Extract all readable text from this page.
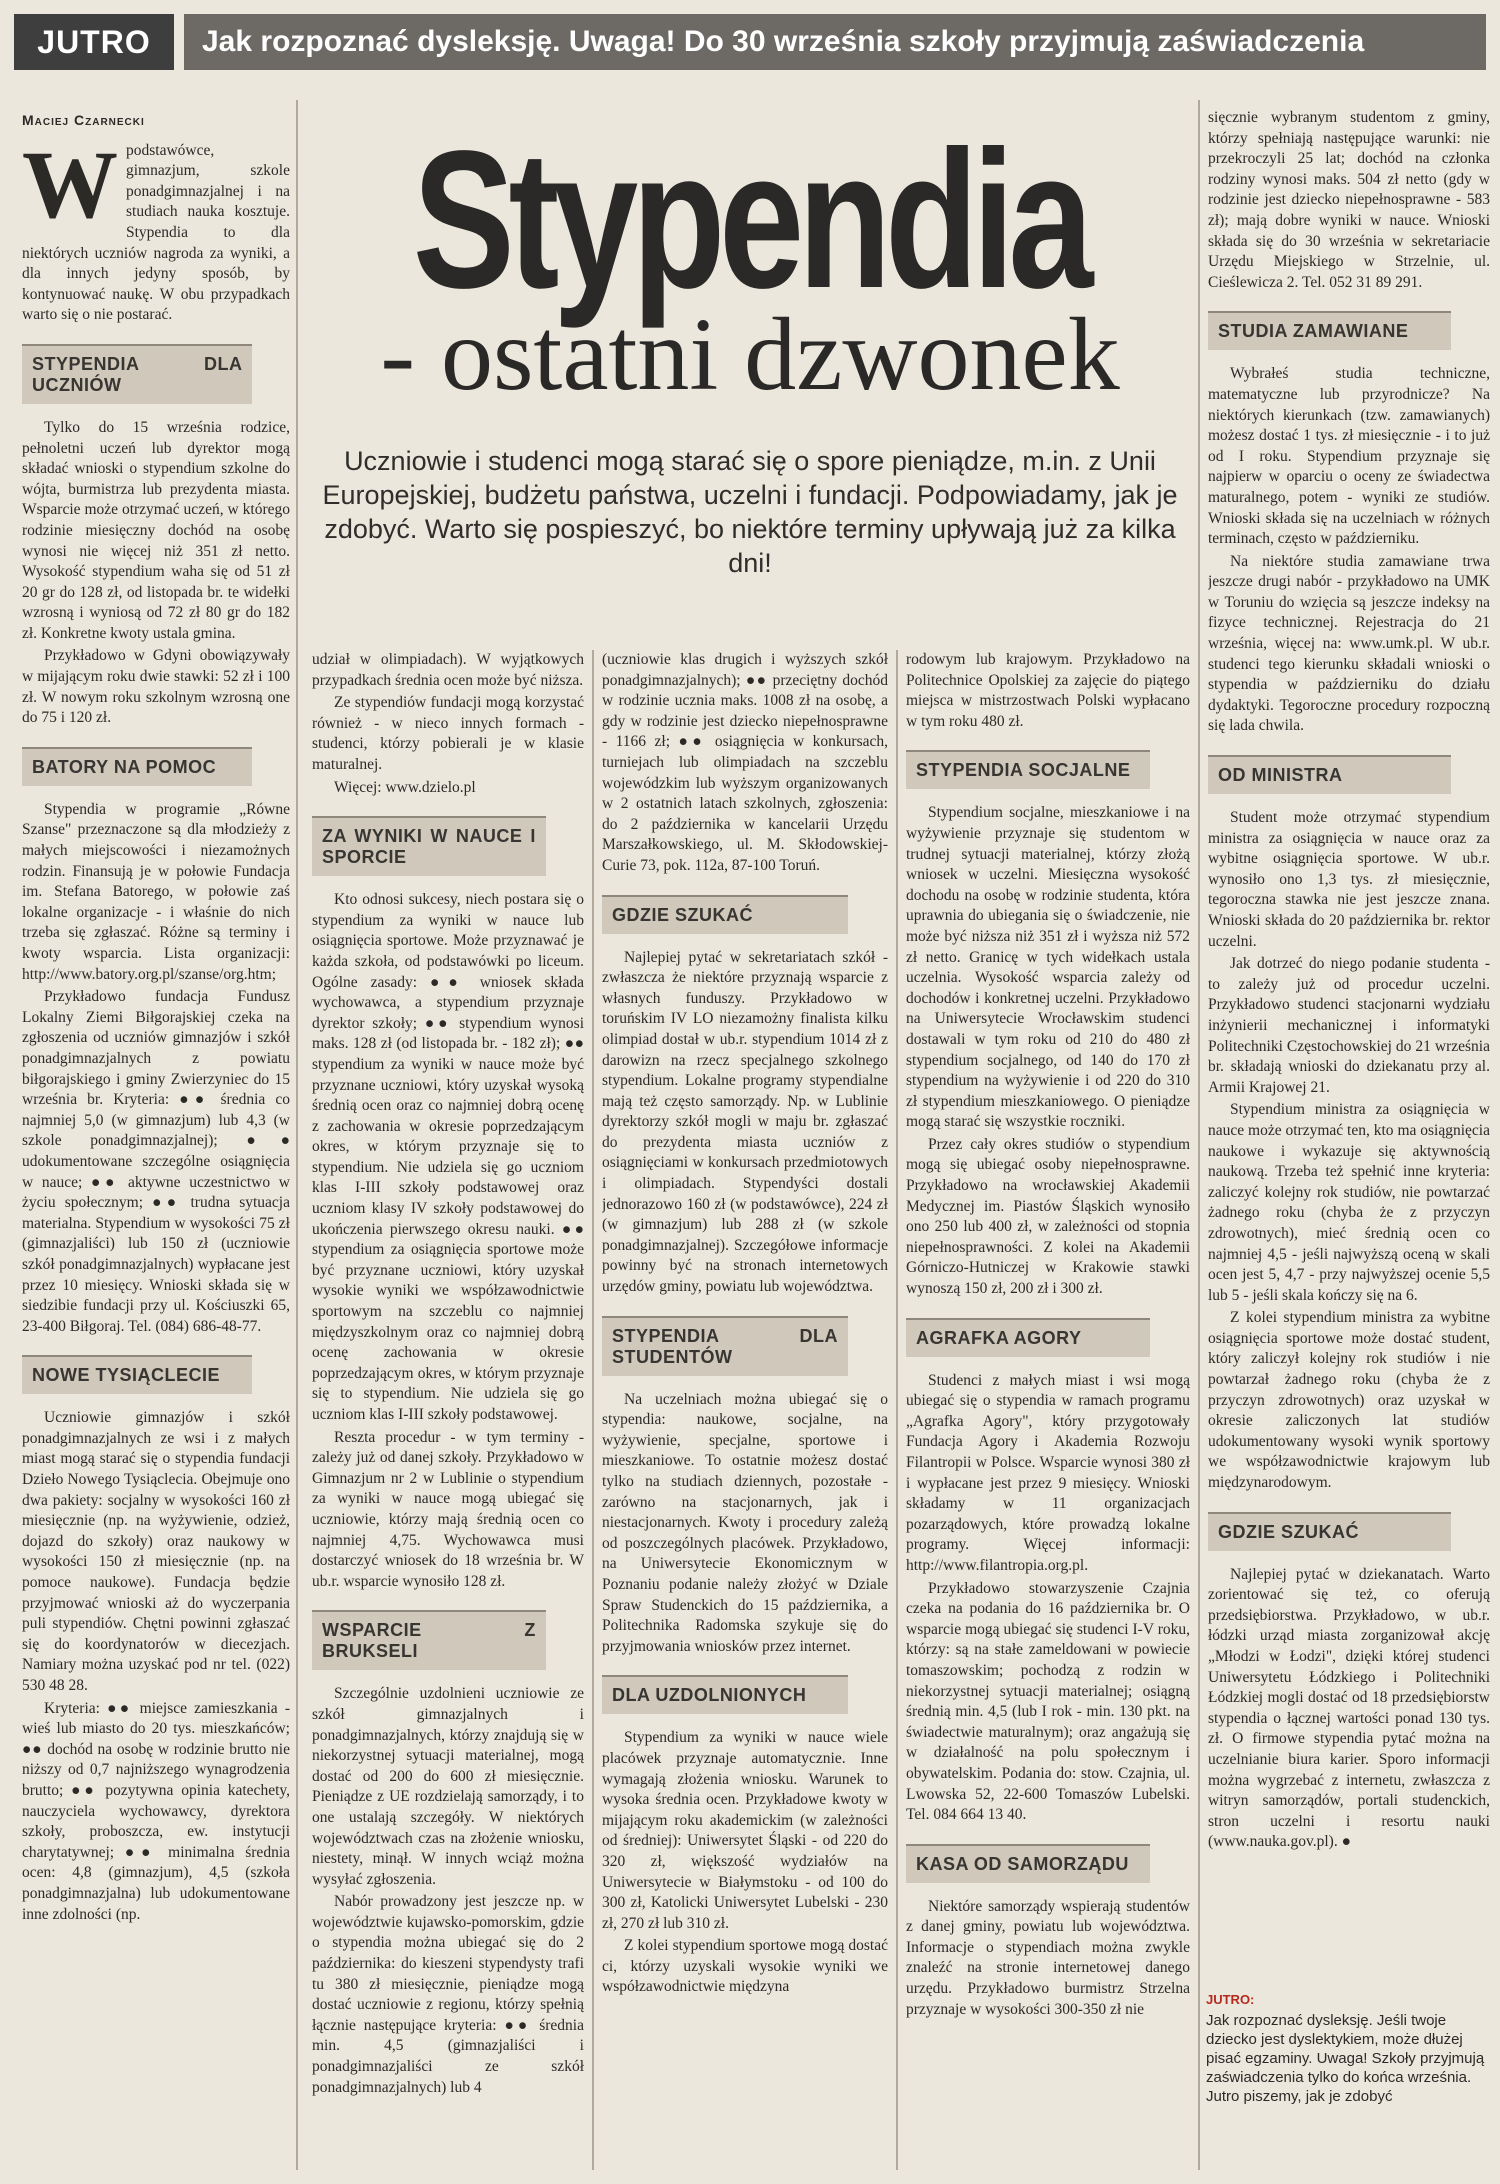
JUTRO	Jak rozpoznać dysleksję. Uwaga! Do 30 września szkoły przyjmują zaświadczenia
Maciej Czarnecki

Wpodstawówce, gimnazjum, szkole ponadgimnazjalnej i na studiach nauka kosztuje. Stypendia to dla niektórych uczniów nagroda za wyniki, a dla innych jedyny sposób, by kontynuować naukę. W obu przypadkach warto się o nie postarać.

STYPENDIA DLA UCZNIÓW

Tylko do 15 września rodzice, pełnoletni uczeń lub dyrektor mogą składać wnioski o stypendium szkolne do wójta, burmistrza lub prezydenta miasta. Wsparcie może otrzymać uczeń, w którego rodzinie miesięczny dochód na osobę wynosi nie więcej niż 351 zł netto. Wysokość stypendium waha się od 51 zł 20 gr do 128 zł, od listopada br. te widełki wzrosną i wyniosą od 72 zł 80 gr do 182 zł. Konkretne kwoty ustala gmina.

Przykładowo w Gdyni obowiązywały w mijającym roku dwie stawki: 52 zł i 100 zł. W nowym roku szkolnym wzrosną one do 75 i 120 zł.

BATORY NA POMOC

Stypendia w programie „Równe Szanse" przeznaczone są dla młodzieży z małych miejscowości i niezamożnych rodzin. Finansują je w połowie Fundacja im. Stefana Batorego, w połowie zaś lokalne organizacje - i właśnie do nich trzeba się zgłaszać. Różne są terminy i kwoty wsparcia. Lista organizacji: http://www.batory.org.pl/szanse/org.htm;

Przykładowo fundacja Fundusz Lokalny Ziemi Biłgorajskiej czeka na zgłoszenia od uczniów gimnazjów i szkół ponadgimnazjalnych z powiatu biłgorajskiego i gminy Zwierzyniec do 15 września br. Kryteria: ●● średnia co najmniej 5,0 (w gimnazjum) lub 4,3 (w szkole ponadgimnazjalnej); ●● udokumentowane szczególne osiągnięcia w nauce; ●● aktywne uczestnictwo w życiu społecznym; ●● trudna sytuacja materialna. Stypendium w wysokości 75 zł (gimnazjaliści) lub 150 zł (uczniowie szkół ponadgimnazjalnych) wypłacane jest przez 10 miesięcy. Wnioski składa się w siedzibie fundacji przy ul. Kościuszki 65, 23-400 Biłgoraj. Tel. (084) 686-48-77.

NOWE TYSIĄCLECIE

Uczniowie gimnazjów i szkół ponadgimnazjalnych ze wsi i z małych miast mogą starać się o stypendia fundacji Dzieło Nowego Tysiąclecia. Obejmuje ono dwa pakiety: socjalny w wysokości 160 zł miesięcznie (np. na wyżywienie, odzież, dojazd do szkoły) oraz naukowy w wysokości 150 zł miesięcznie (np. na pomoce naukowe). Fundacja będzie przyjmować wnioski aż do wyczerpania puli stypendiów. Chętni powinni zgłaszać się do koordynatorów w diecezjach. Namiary można uzyskać pod nr tel. (022) 530 48 28.

Kryteria: ●● miejsce zamieszkania - wieś lub miasto do 20 tys. mieszkańców; ●● dochód na osobę w rodzinie brutto nie niższy od 0,7 najniższego wynagrodzenia brutto; ●● pozytywna opinia katechety, nauczyciela wychowawcy, dyrektora szkoły, proboszcza, ew. instytucji charytatywnej; ●● minimalna średnia ocen: 4,8 (gimnazjum), 4,5 (szkoła ponadgimnazjalna) lub udokumentowane inne zdolności (np.

Stypendia
- ostatni dzwonek
Uczniowie i studenci mogą starać się o spore pieniądze, m.in. z Unii Europejskiej, budżetu państwa, uczelni i fundacji. Podpowiadamy, jak je zdobyć. Warto się pospieszyć, bo niektóre terminy upływają już za kilka dni!

udział w olimpiadach). W wyjątkowych przypadkach średnia ocen może być niższa.

Ze stypendiów fundacji mogą korzystać również - w nieco innych formach - studenci, którzy pobierali je w klasie maturalnej.

Więcej: www.dzielo.pl

ZA WYNIKI W NAUCE I SPORCIE

Kto odnosi sukcesy, niech postara się o stypendium za wyniki w nauce lub osiągnięcia sportowe. Może przyznawać je każda szkoła, od podstawówki po liceum. Ogólne zasady: ●● wniosek składa wychowawca, a stypendium przyznaje dyrektor szkoły; ●● stypendium wynosi maks. 128 zł (od listopada br. - 182 zł); ●● stypendium za wyniki w nauce może być przyznane uczniowi, który uzyskał wysoką średnią ocen oraz co najmniej dobrą ocenę z zachowania w okresie poprzedzającym okres, w którym przyznaje się to stypendium. Nie udziela się go uczniom klas I-III szkoły podstawowej oraz uczniom klasy IV szkoły podstawowej do ukończenia pierwszego okresu nauki. ●● stypendium za osiągnięcia sportowe może być przyznane uczniowi, który uzyskał wysokie wyniki we współzawodnictwie sportowym na szczeblu co najmniej międzyszkolnym oraz co najmniej dobrą ocenę zachowania w okresie poprzedzającym okres, w którym przyznaje się to stypendium. Nie udziela się go uczniom klas I-III szkoły podstawowej.

Reszta procedur - w tym terminy - zależy już od danej szkoły. Przykładowo w Gimnazjum nr 2 w Lublinie o stypendium za wyniki w nauce mogą ubiegać się uczniowie, którzy mają średnią ocen co najmniej 4,75. Wychowawca musi dostarczyć wniosek do 18 września br. W ub.r. wsparcie wynosiło 128 zł.

WSPARCIE Z BRUKSELI

Szczególnie uzdolnieni uczniowie ze szkół gimnazjalnych i ponadgimnazjalnych, którzy znajdują się w niekorzystnej sytuacji materialnej, mogą dostać od 200 do 600 zł miesięcznie. Pieniądze z UE rozdzielają samorządy, i to one ustalają szczegóły. W niektórych województwach czas na złożenie wniosku, niestety, minął. W innych wciąż można wysyłać zgłoszenia.

Nabór prowadzony jest jeszcze np. w województwie kujawsko-pomorskim, gdzie o stypendia można ubiegać się do 2 października: do kieszeni stypendysty trafi tu 380 zł miesięcznie, pieniądze mogą dostać uczniowie z regionu, którzy spełnią łącznie następujące kryteria: ●● średnia min. 4,5 (gimnazjaliści i ponadgimnazjaliści ze szkół ponadgimnazjalnych) lub 4

(uczniowie klas drugich i wyższych szkół ponadgimnazjalnych); ●● przeciętny dochód w rodzinie ucznia maks. 1008 zł na osobę, a gdy w rodzinie jest dziecko niepełnosprawne - 1166 zł; ●● osiągnięcia w konkursach, turniejach lub olimpiadach na szczeblu wojewódzkim lub wyższym organizowanych w 2 ostatnich latach szkolnych, zgłoszenia: do 2 października w kancelarii Urzędu Marszałkowskiego, ul. M. Skłodowskiej-Curie 73, pok. 112a, 87-100 Toruń.

GDZIE SZUKAĆ

Najlepiej pytać w sekretariatach szkół - zwłaszcza że niektóre przyznają wsparcie z własnych funduszy. Przykładowo w toruńskim IV LO niezamożny finalista kilku olimpiad dostał w ub.r. stypendium 1014 zł z darowizn na rzecz specjalnego szkolnego stypendium. Lokalne programy stypendialne mają też często samorządy. Np. w Lublinie dyrektorzy szkół mogli w maju br. zgłaszać do prezydenta miasta uczniów z osiągnięciami w konkursach przedmiotowych i olimpiadach. Stypendyści dostali jednorazowo 160 zł (w podstawówce), 224 zł (w gimnazjum) lub 288 zł (w szkole ponadgimnazjalnej). Szczegółowe informacje powinny być na stronach internetowych urzędów gminy, powiatu lub województwa.

STYPENDIA DLA STUDENTÓW

Na uczelniach można ubiegać się o stypendia: naukowe, socjalne, na wyżywienie, specjalne, sportowe i mieszkaniowe. To ostatnie możesz dostać tylko na studiach dziennych, pozostałe - zarówno na stacjonarnych, jak i niestacjonarnych. Kwoty i procedury zależą od poszczególnych placówek. Przykładowo, na Uniwersytecie Ekonomicznym w Poznaniu podanie należy złożyć w Dziale Spraw Studenckich do 15 października, a Politechnika Radomska szykuje się do przyjmowania wniosków przez internet.

DLA UZDOLNIONYCH

Stypendium za wyniki w nauce wiele placówek przyznaje automatycznie. Inne wymagają złożenia wniosku. Warunek to wysoka średnia ocen. Przykładowe kwoty w mijającym roku akademickim (w zależności od średniej): Uniwersytet Śląski - od 220 do 320 zł, większość wydziałów na Uniwersytecie w Białymstoku - od 100 do 300 zł, Katolicki Uniwersytet Lubelski - 230 zł, 270 zł lub 310 zł.

Z kolei stypendium sportowe mogą dostać ci, którzy uzyskali wysokie wyniki we współzawodnictwie międzyna

rodowym lub krajowym. Przykładowo na Politechnice Opolskiej za zajęcie do piątego miejsca w mistrzostwach Polski wypłacano w tym roku 480 zł.

STYPENDIA SOCJALNE

Stypendium socjalne, mieszkaniowe i na wyżywienie przyznaje się studentom w trudnej sytuacji materialnej, którzy złożą wniosek w uczelni. Miesięczna wysokość dochodu na osobę w rodzinie studenta, która uprawnia do ubiegania się o świadczenie, nie może być niższa niż 351 zł i wyższa niż 572 zł netto. Granicę w tych widełkach ustala uczelnia. Wysokość wsparcia zależy od dochodów i konkretnej uczelni. Przykładowo na Uniwersytecie Wrocławskim studenci dostawali w tym roku od 210 do 480 zł stypendium socjalnego, od 140 do 170 zł stypendium na wyżywienie i od 220 do 310 zł stypendium mieszkaniowego. O pieniądze mogą starać się wszystkie roczniki.

Przez cały okres studiów o stypendium mogą się ubiegać osoby niepełnosprawne. Przykładowo na wrocławskiej Akademii Medycznej im. Piastów Śląskich wynosiło ono 250 lub 400 zł, w zależności od stopnia niepełnosprawności. Z kolei na Akademii Górniczo-Hutniczej w Krakowie stawki wynoszą 150 zł, 200 zł i 300 zł.

AGRAFKA AGORY

Studenci z małych miast i wsi mogą ubiegać się o stypendia w ramach programu „Agrafka Agory", który przygotowały Fundacja Agory i Akademia Rozwoju Filantropii w Polsce. Wsparcie wynosi 380 zł i wypłacane jest przez 9 miesięcy. Wnioski składamy w 11 organizacjach pozarządowych, które prowadzą lokalne programy. Więcej informacji: http://www.filantropia.org.pl.

Przykładowo stowarzyszenie Czajnia czeka na podania do 16 października br. O wsparcie mogą ubiegać się studenci I-V roku, którzy: są na stałe zameldowani w powiecie tomaszowskim; pochodzą z rodzin w niekorzystnej sytuacji materialnej; osiągną średnią min. 4,5 (lub I rok - min. 130 pkt. na świadectwie maturalnym); oraz angażują się w działalność na polu społecznym i obywatelskim. Podania do: stow. Czajnia, ul. Lwowska 52, 22-600 Tomaszów Lubelski. Tel. 084 664 13 40.

KASA OD SAMORZĄDU

Niektóre samorządy wspierają studentów z danej gminy, powiatu lub województwa. Informacje o stypendiach można zwykle znaleźć na stronie internetowej danego urzędu. Przykładowo burmistrz Strzelna przyznaje w wysokości 300-350 zł nie

sięcznie wybranym studentom z gminy, którzy spełniają następujące warunki: nie przekroczyli 25 lat; dochód na członka rodziny wynosi maks. 504 zł netto (gdy w rodzinie jest dziecko niepełnosprawne - 583 zł); mają dobre wyniki w nauce. Wnioski składa się do 30 września w sekretariacie Urzędu Miejskiego w Strzelnie, ul. Cieślewicza 2. Tel. 052 31 89 291.

STUDIA ZAMAWIANE

Wybrałeś studia techniczne, matematyczne lub przyrodnicze? Na niektórych kierunkach (tzw. zamawianych) możesz dostać 1 tys. zł miesięcznie - i to już od I roku. Stypendium przyznaje się najpierw w oparciu o oceny ze świadectwa maturalnego, potem - wyniki ze studiów. Wnioski składa się na uczelniach w różnych terminach, często w październiku.

Na niektóre studia zamawiane trwa jeszcze drugi nabór - przykładowo na UMK w Toruniu do wzięcia są jeszcze indeksy na fizyce technicznej. Rejestracja do 21 września, więcej na: www.umk.pl. W ub.r. studenci tego kierunku składali wnioski o stypendia w październiku do działu dydaktyki. Tegoroczne procedury rozpoczną się lada chwila.

OD MINISTRA

Student może otrzymać stypendium ministra za osiągnięcia w nauce oraz za wybitne osiągnięcia sportowe. W ub.r. wynosiło ono 1,3 tys. zł miesięcznie, tegoroczna stawka nie jest jeszcze znana. Wnioski składa do 20 października br. rektor uczelni.

Jak dotrzeć do niego podanie studenta - to zależy już od procedur uczelni. Przykładowo studenci stacjonarni wydziału inżynierii mechanicznej i informatyki Politechniki Częstochowskiej do 21 września br. składają wnioski do dziekanatu przy al. Armii Krajowej 21.

Stypendium ministra za osiągnięcia w nauce może otrzymać ten, kto ma osiągnięcia naukowe i wykazuje się aktywnością naukową. Trzeba też spełnić inne kryteria: zaliczyć kolejny rok studiów, nie powtarzać żadnego roku (chyba że z przyczyn zdrowotnych), mieć średnią ocen co najmniej 4,5 - jeśli najwyższą oceną w skali ocen jest 5, 4,7 - przy najwyższej ocenie 5,5 lub 5 - jeśli skala kończy się na 6.

Z kolei stypendium ministra za wybitne osiągnięcia sportowe może dostać student, który zaliczył kolejny rok studiów i nie powtarzał żadnego roku (chyba że z przyczyn zdrowotnych) oraz uzyskał w okresie zaliczonych lat studiów udokumentowany wysoki wynik sportowy we współzawodnictwie krajowym lub międzynarodowym.

GDZIE SZUKAĆ

Najlepiej pytać w dziekanatach. Warto zorientować się też, co oferują przedsiębiorstwa. Przykładowo, w ub.r. łódzki urząd miasta zorganizował akcję „Młodzi w Łodzi", dzięki której studenci Uniwersytetu Łódzkiego i Politechniki Łódzkiej mogli dostać od 18 przedsiębiorstw stypendia o łącznej wartości ponad 130 tys. zł. O firmowe stypendia pytać można na uczelnianie biura karier. Sporo informacji można wygrzebać z internetu, zwłaszcza z witryn samorządów, portali studenckich, stron uczelni i resortu nauki (www.nauka.gov.pl). ●

JUTRO:
Jak rozpoznać dysleksję. Jeśli twoje dziecko jest dyslektykiem, może dłużej pisać egzaminy. Uwaga! Szkoły przyjmują zaświadczenia tylko do końca września. Jutro piszemy, jak je zdobyć
